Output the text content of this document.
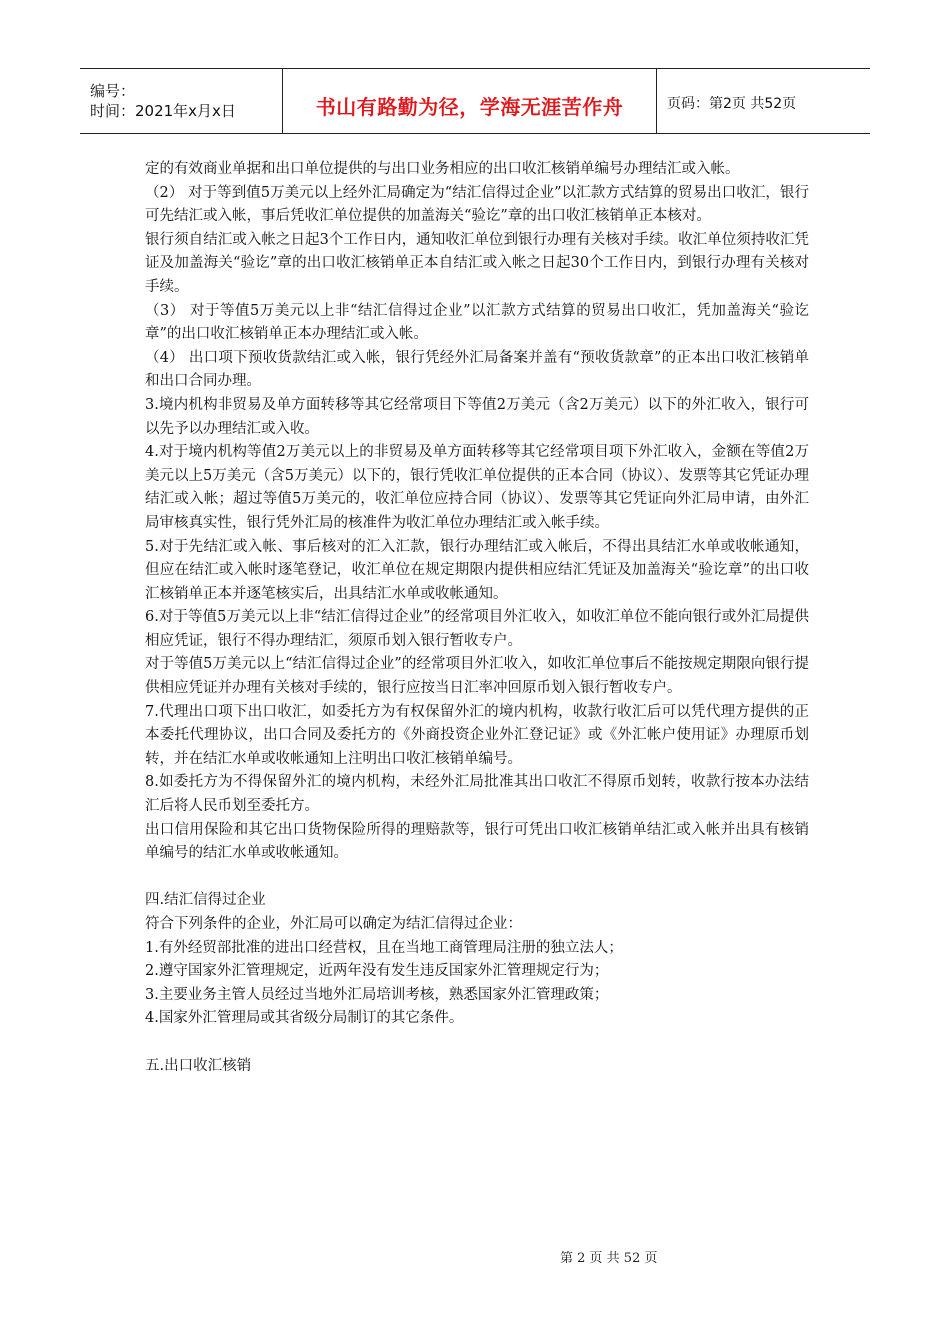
编号：
时间：2021年x月x日	书山有路勤为径，学海无涯苦作舟	页码：第2页 共52页

定的有效商业单据和出口单位提供的与出口业务相应的出口收汇核销单编号办理结汇或入帐。

（2） 对于等到值5万美元以上经外汇局确定为“结汇信得过企业”以汇款方式结算的贸易出口收汇，银行可先结汇或入帐，事后凭收汇单位提供的加盖海关“验讫”章的出口收汇核销单正本核对。

银行须自结汇或入帐之日起3个工作日内，通知收汇单位到银行办理有关核对手续。收汇单位须持收汇凭证及加盖海关“验讫”章的出口收汇核销单正本自结汇或入帐之日起30个工作日内，到银行办理有关核对手续。

（3） 对于等值5万美元以上非“结汇信得过企业”以汇款方式结算的贸易出口收汇，凭加盖海关“验讫章”的出口收汇核销单正本办理结汇或入帐。

（4） 出口项下预收货款结汇或入帐，银行凭经外汇局备案并盖有“预收货款章”的正本出口收汇核销单和出口合同办理。

3.境内机构非贸易及单方面转移等其它经常项目下等值2万美元（含2万美元）以下的外汇收入，银行可以先予以办理结汇或入收。

4.对于境内机构等值2万美元以上的非贸易及单方面转移等其它经常项目项下外汇收入，金额在等值2万美元以上5万美元（含5万美元）以下的，银行凭收汇单位提供的正本合同（协议）、发票等其它凭证办理结汇或入帐；超过等值5万美元的，收汇单位应持合同（协议）、发票等其它凭证向外汇局申请，由外汇局审核真实性，银行凭外汇局的核准件为收汇单位办理结汇或入帐手续。

5.对于先结汇或入帐、事后核对的汇入汇款，银行办理结汇或入帐后，不得出具结汇水单或收帐通知，但应在结汇或入帐时逐笔登记，收汇单位在规定期限内提供相应结汇凭证及加盖海关“验讫章”的出口收汇核销单正本并逐笔核实后，出具结汇水单或收帐通知。

6.对于等值5万美元以上非“结汇信得过企业”的经常项目外汇收入，如收汇单位不能向银行或外汇局提供相应凭证，银行不得办理结汇，须原币划入银行暂收专户。

对于等值5万美元以上“结汇信得过企业”的经常项目外汇收入，如收汇单位事后不能按规定期限向银行提供相应凭证并办理有关核对手续的，银行应按当日汇率冲回原币划入银行暂收专户。

7.代理出口项下出口收汇，如委托方为有权保留外汇的境内机构，收款行收汇后可以凭代理方提供的正本委托代理协议，出口合同及委托方的《外商投资企业外汇登记证》或《外汇帐户使用证》办理原币划转，并在结汇水单或收帐通知上注明出口收汇核销单编号。

8.如委托方为不得保留外汇的境内机构，未经外汇局批准其出口收汇不得原币划转，收款行按本办法结汇后将人民币划至委托方。

出口信用保险和其它出口货物保险所得的理赔款等，银行可凭出口收汇核销单结汇或入帐并出具有核销单编号的结汇水单或收帐通知。

四.结汇信得过企业

符合下列条件的企业，外汇局可以确定为结汇信得过企业：

1.有外经贸部批准的进出口经营权，且在当地工商管理局注册的独立法人；

2.遵守国家外汇管理规定，近两年没有发生违反国家外汇管理规定行为；

3.主要业务主管人员经过当地外汇局培训考核，熟悉国家外汇管理政策；

4.国家外汇管理局或其省级分局制订的其它条件。

五.出口收汇核销

第 2 页 共 52 页
